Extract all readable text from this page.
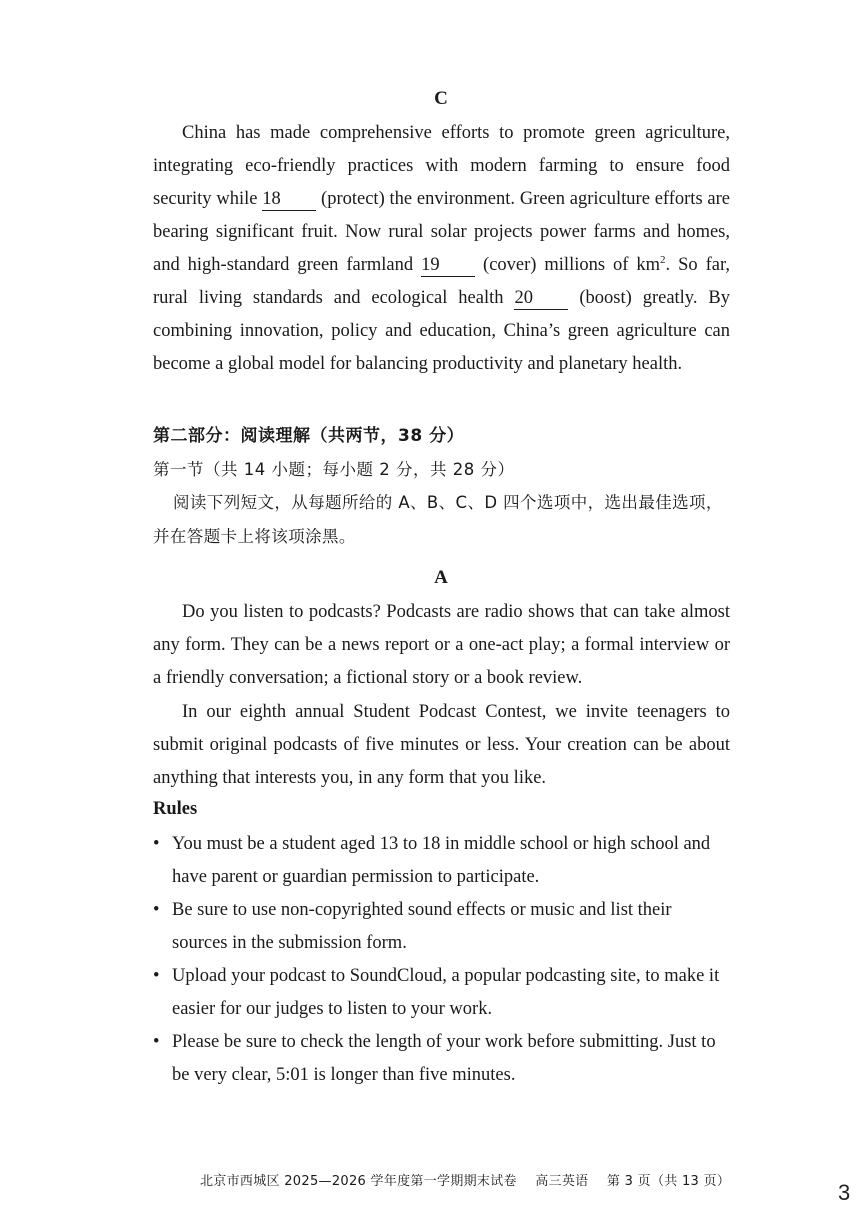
C
China has made comprehensive efforts to promote green agriculture, integrating eco-friendly practices with modern farming to ensure food security while 18 (protect) the environment. Green agriculture efforts are bearing significant fruit. Now rural solar projects power farms and homes, and high-standard green farmland 19 (cover) millions of $km^2$. So far, rural living standards and ecological health 20	(boost) greatly. By combining innovation, policy and education, China’s green agriculture can become a global model for balancing productivity and planetary health.
第二部分：阅读理解（共两节，38 分）
第一节（共 14 小题；每小题 2 分，共 28 分）
阅读下列短文，从每题所给的 A、B、C、D 四个选项中，选出最佳选项，并在答题卡上将该项涂黑。
A
Do you listen to podcasts? Podcasts are radio shows that can take almost any form. They can be a news report or a one-act play; a formal interview or a friendly conversation; a fictional story or a book review.
In our eighth annual Student Podcast Contest, we invite teenagers to submit original podcasts of five minutes or less. Your creation can be about anything that interests you, in any form that you like.
Rules
• You must be a student aged 13 to 18 in middle school or high school and have parent or guardian permission to participate.
• Be sure to use non-copyrighted sound effects or music and list their sources in the submission form.
• Upload your podcast to SoundCloud, a popular podcasting site, to make it easier for our judges to listen to your work.
• Please be sure to check the length of your work before submitting. Just to be very clear, 5:01 is longer than five minutes.
北京市西城区 2025—2026 学年度第一学期期末试卷 高三英语 第 3 页（共 13 页）	3
